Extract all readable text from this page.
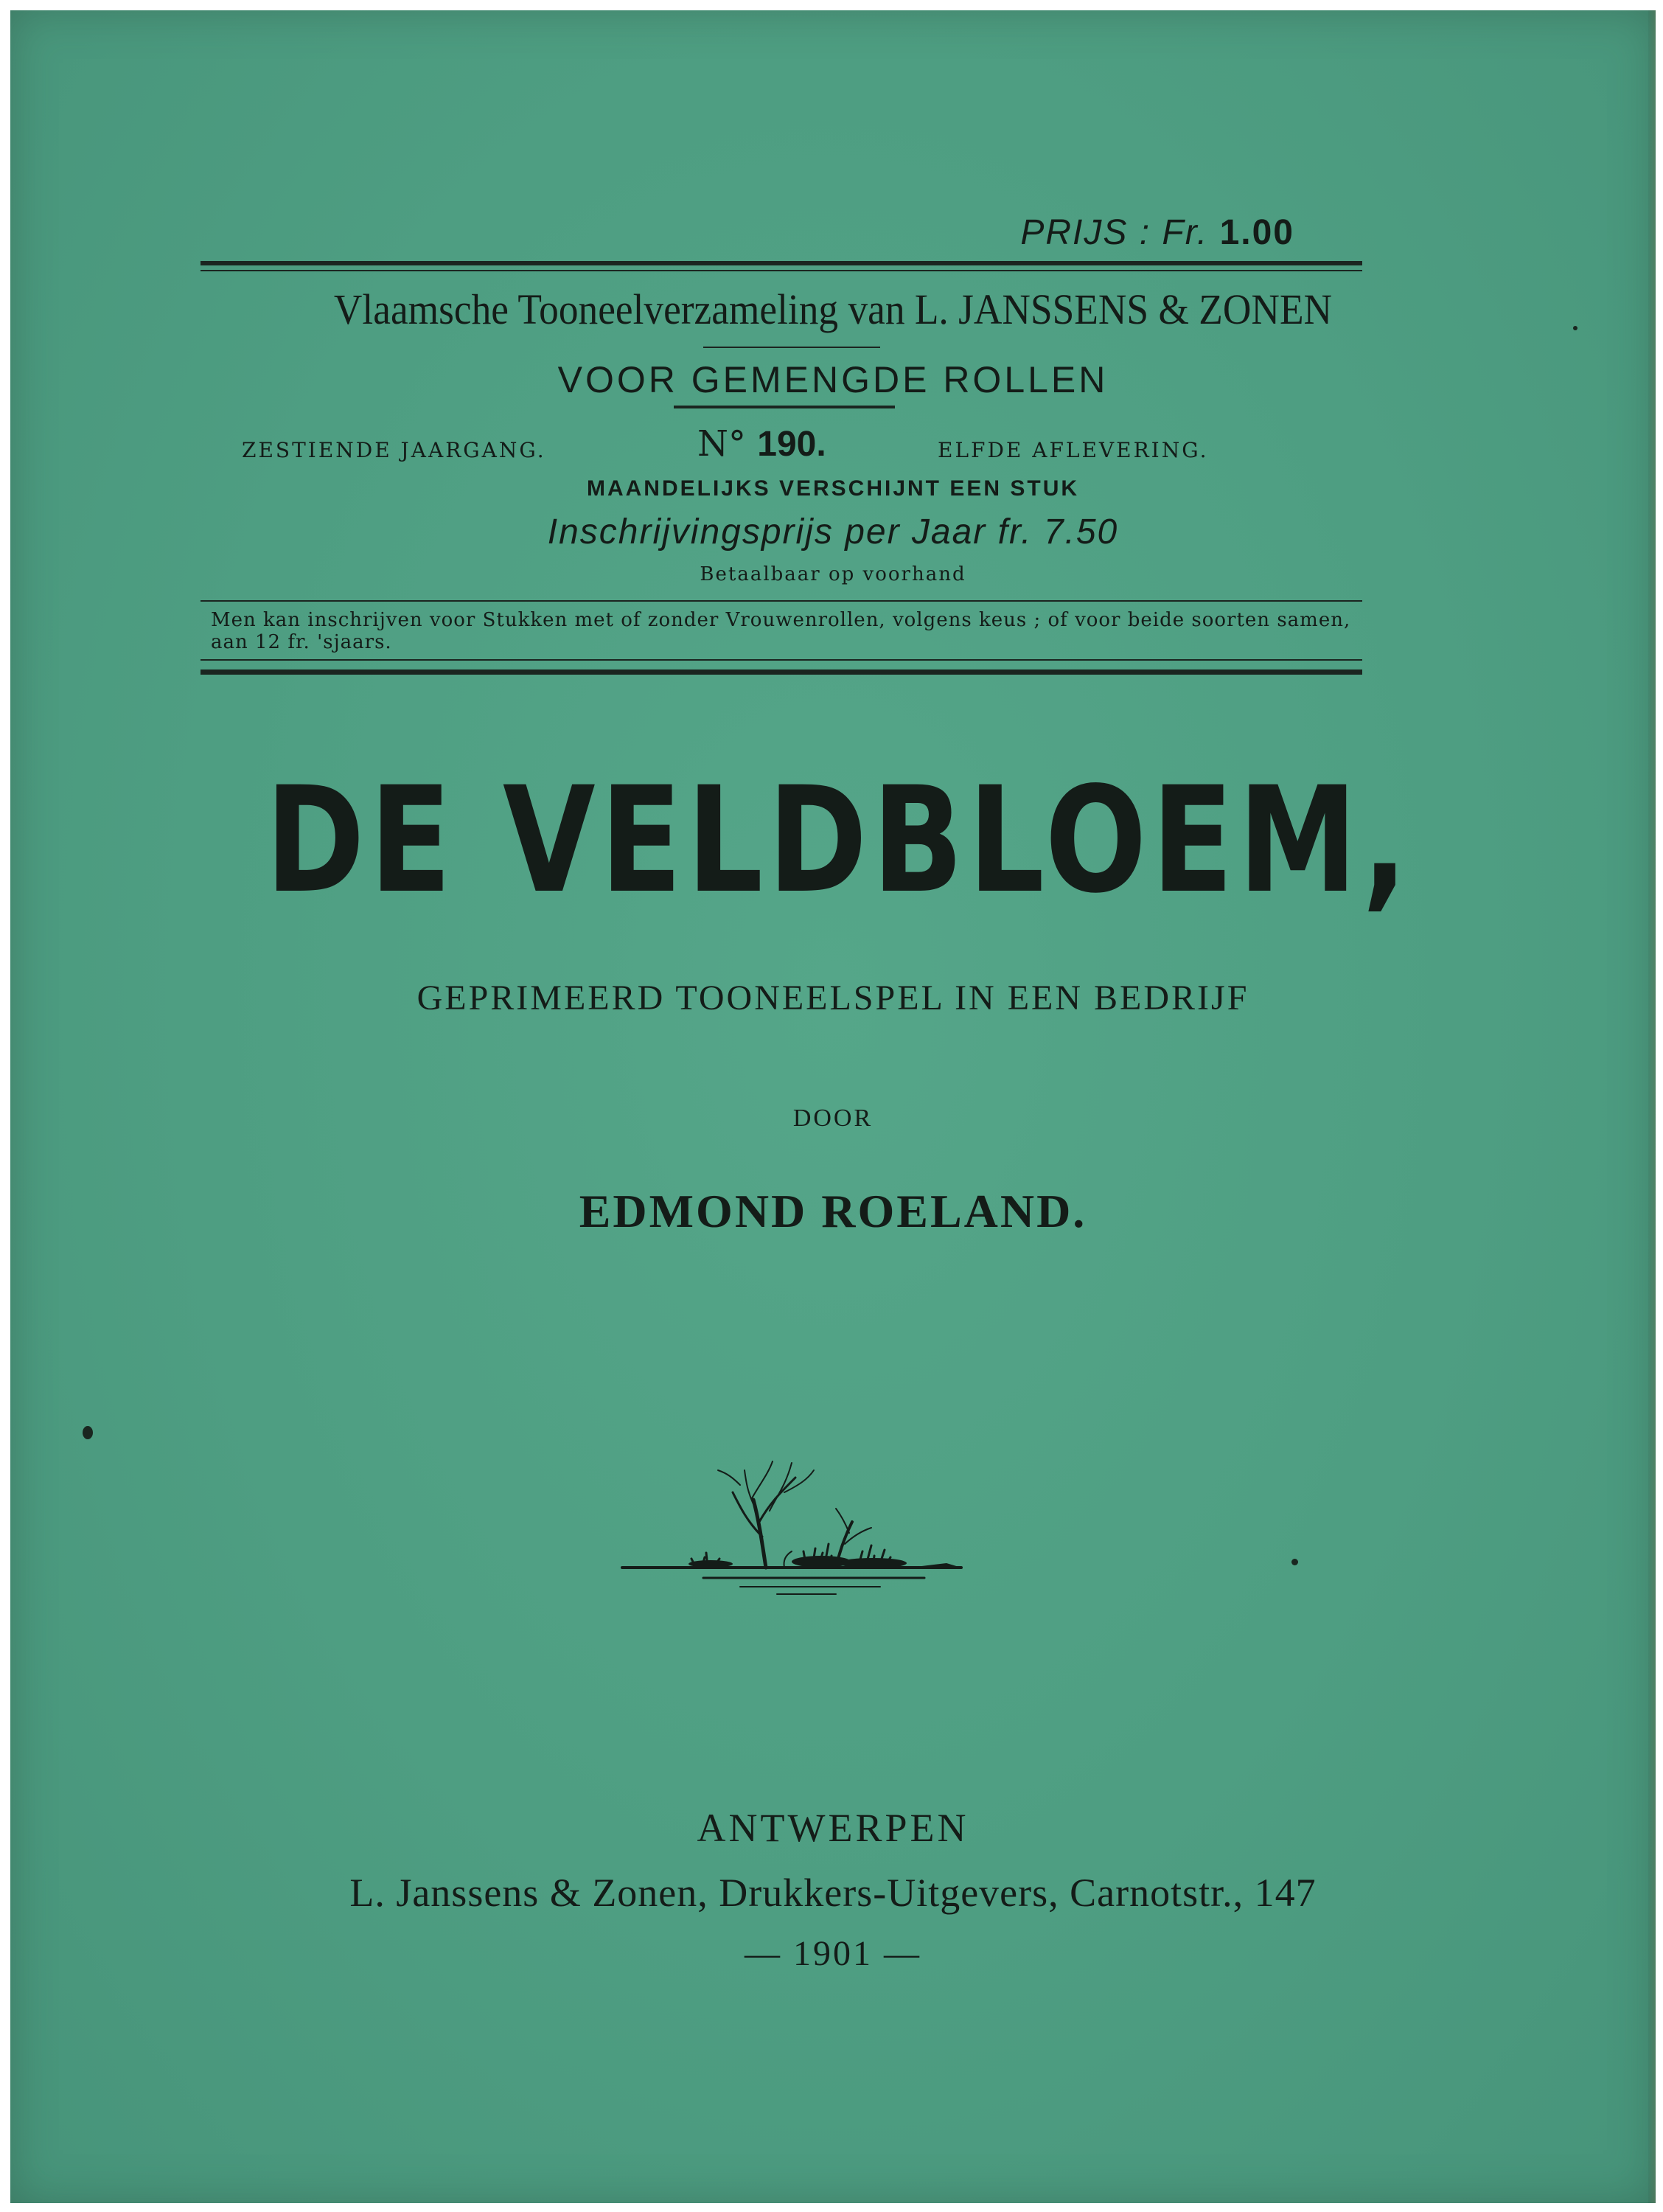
PRIJS : Fr. 1.00
Vlaamsche Tooneelverzameling van L. JANSSENS & ZONEN
VOOR GEMENGDE ROLLEN
ZESTIENDE JAARGANG.	N° 190.	ELFDE AFLEVERING.
MAANDELIJKS VERSCHIJNT EEN STUK
Inschrijvingsprijs per Jaar fr. 7.50
Betaalbaar op voorhand
Men kan inschrijven voor Stukken met of zonder Vrouwenrollen, volgens keus ; of voor beide soorten samen, aan 12 fr. 'sjaars.
DE VELDBLOEM,
GEPRIMEERD TOONEELSPEL IN EEN BEDRIJF
DOOR
EDMOND ROELAND.
ANTWERPEN
L. Janssens & Zonen, Drukkers-Uitgevers, Carnotstr., 147
— 1901 —
